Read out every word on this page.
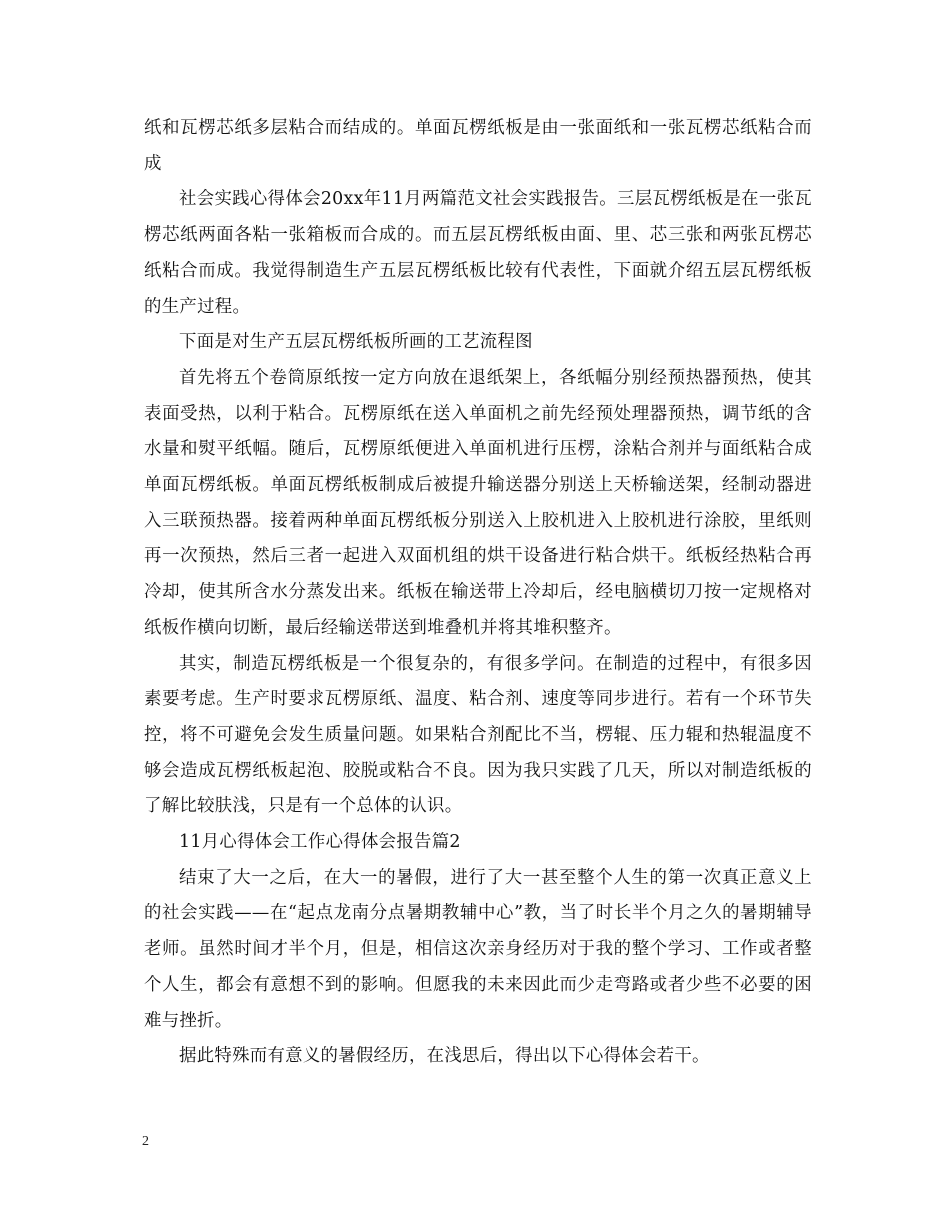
纸和瓦楞芯纸多层粘合而结成的。单面瓦楞纸板是由一张面纸和一张瓦楞芯纸粘合而成

社会实践心得体会20xx年11月两篇范文社会实践报告。三层瓦楞纸板是在一张瓦楞芯纸两面各粘一张箱板而合成的。而五层瓦楞纸板由面、里、芯三张和两张瓦楞芯纸粘合而成。我觉得制造生产五层瓦楞纸板比较有代表性，下面就介绍五层瓦楞纸板的生产过程。

下面是对生产五层瓦楞纸板所画的工艺流程图

首先将五个卷筒原纸按一定方向放在退纸架上，各纸幅分别经预热器预热，使其表面受热，以利于粘合。瓦楞原纸在送入单面机之前先经预处理器预热，调节纸的含水量和熨平纸幅。随后，瓦楞原纸便进入单面机进行压楞，涂粘合剂并与面纸粘合成单面瓦楞纸板。单面瓦楞纸板制成后被提升输送器分别送上天桥输送架，经制动器进入三联预热器。接着两种单面瓦楞纸板分别送入上胶机进入上胶机进行涂胶，里纸则再一次预热，然后三者一起进入双面机组的烘干设备进行粘合烘干。纸板经热粘合再冷却，使其所含水分蒸发出来。纸板在输送带上冷却后，经电脑横切刀按一定规格对纸板作横向切断，最后经输送带送到堆叠机并将其堆积整齐。

其实，制造瓦楞纸板是一个很复杂的，有很多学问。在制造的过程中，有很多因素要考虑。生产时要求瓦楞原纸、温度、粘合剂、速度等同步进行。若有一个环节失控，将不可避免会发生质量问题。如果粘合剂配比不当，楞辊、压力辊和热辊温度不够会造成瓦楞纸板起泡、胶脱或粘合不良。因为我只实践了几天，所以对制造纸板的了解比较肤浅，只是有一个总体的认识。

11月心得体会工作心得体会报告篇2

结束了大一之后，在大一的暑假，进行了大一甚至整个人生的第一次真正意义上的社会实践——在“起点龙南分点暑期教辅中心”教，当了时长半个月之久的暑期辅导老师。虽然时间才半个月，但是，相信这次亲身经历对于我的整个学习、工作或者整个人生，都会有意想不到的影响。但愿我的未来因此而少走弯路或者少些不必要的困难与挫折。

据此特殊而有意义的暑假经历，在浅思后，得出以下心得体会若干。

2
